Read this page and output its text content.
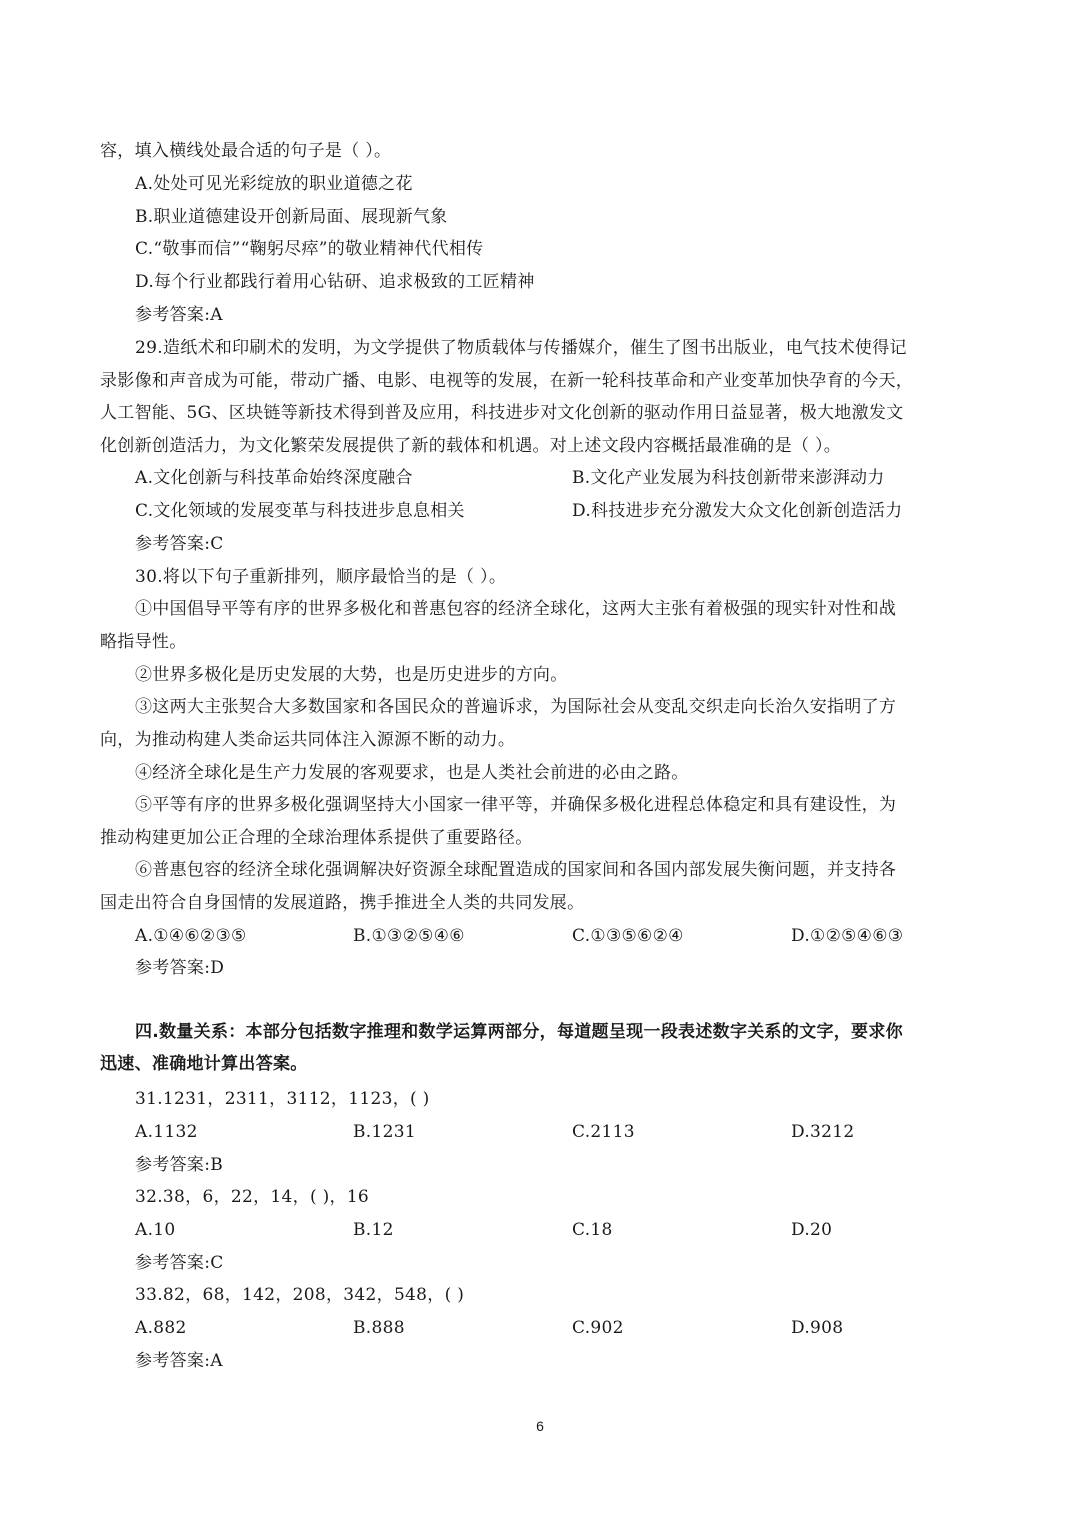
容，填入横线处最合适的句子是（ ）。
A.处处可见光彩绽放的职业道德之花
B.职业道德建设开创新局面、展现新气象
C.“敬事而信”“鞠躬尽瘁”的敬业精神代代相传
D.每个行业都践行着用心钻研、追求极致的工匠精神
参考答案:A
29.造纸术和印刷术的发明，为文学提供了物质载体与传播媒介，催生了图书出版业，电气技术使得记
录影像和声音成为可能，带动广播、电影、电视等的发展，在新一轮科技革命和产业变革加快孕育的今天，
人工智能、5G、区块链等新技术得到普及应用，科技进步对文化创新的驱动作用日益显著，极大地激发文
化创新创造活力，为文化繁荣发展提供了新的载体和机遇。对上述文段内容概括最准确的是（ ）。
A.文化创新与科技革命始终深度融合	B.文化产业发展为科技创新带来澎湃动力
C.文化领域的发展变革与科技进步息息相关	D.科技进步充分激发大众文化创新创造活力
参考答案:C
30.将以下句子重新排列，顺序最恰当的是（ ）。
①中国倡导平等有序的世界多极化和普惠包容的经济全球化，这两大主张有着极强的现实针对性和战
略指导性。
②世界多极化是历史发展的大势，也是历史进步的方向。
③这两大主张契合大多数国家和各国民众的普遍诉求，为国际社会从变乱交织走向长治久安指明了方
向，为推动构建人类命运共同体注入源源不断的动力。
④经济全球化是生产力发展的客观要求，也是人类社会前进的必由之路。
⑤平等有序的世界多极化强调坚持大小国家一律平等，并确保多极化进程总体稳定和具有建设性，为
推动构建更加公正合理的全球治理体系提供了重要路径。
⑥普惠包容的经济全球化强调解决好资源全球配置造成的国家间和各国内部发展失衡问题，并支持各
国走出符合自身国情的发展道路，携手推进全人类的共同发展。
A.①④⑥②③⑤	B.①③②⑤④⑥	C.①③⑤⑥②④	D.①②⑤④⑥③
参考答案:D
四.数量关系：本部分包括数字推理和数学运算两部分，每道题呈现一段表述数字关系的文字，要求你
迅速、准确地计算出答案。
31.1231，2311，3112，1123，( )
A.1132	B.1231	C.2113	D.3212
参考答案:B
32.38，6，22，14，( )，16
A.10	B.12	C.18	D.20
参考答案:C
33.82，68，142，208，342，548，( )
A.882	B.888	C.902	D.908
参考答案:A
6
